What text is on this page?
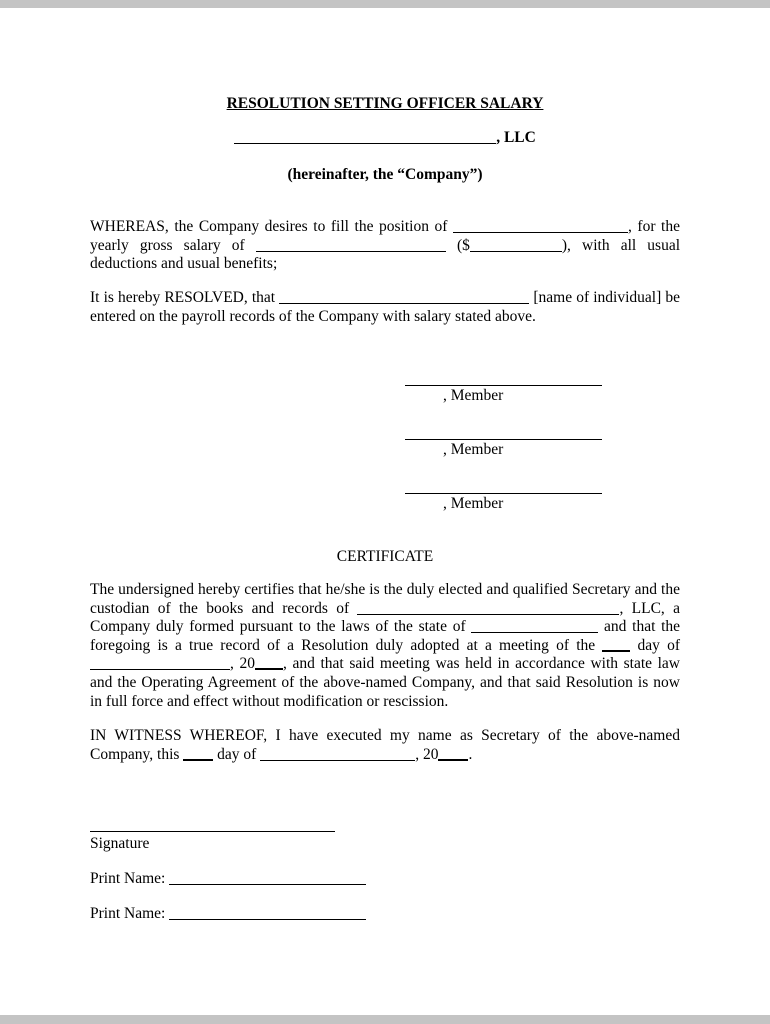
RESOLUTION SETTING OFFICER SALARY
, LLC
(hereinafter, the “Company”)

WHEREAS, the Company desires to fill the position of	, for the yearly gross salary of	($	), with all usual deductions and usual benefits;

It is hereby RESOLVED, that	[name of individual] be entered on the payroll records of the Company with salary stated above.

, Member
, Member
, Member
CERTIFICATE

The undersigned hereby certifies that he/she is the duly elected and qualified Secretary and the custodian of the books and records of	, LLC, a Company duly formed pursuant to the laws of the state of	and that the foregoing is a true record of a Resolution duly adopted at a meeting of the	day of , 20 , and that said meeting was held in accordance with state law and the Operating Agreement of the above-named Company, and that said Resolution is now in full force and effect without modification or rescission.

IN WITNESS WHEREOF, I have executed my name as Secretary of the above-named Company, this day of	, 20 .

Signature

Print Name:

Print Name:
